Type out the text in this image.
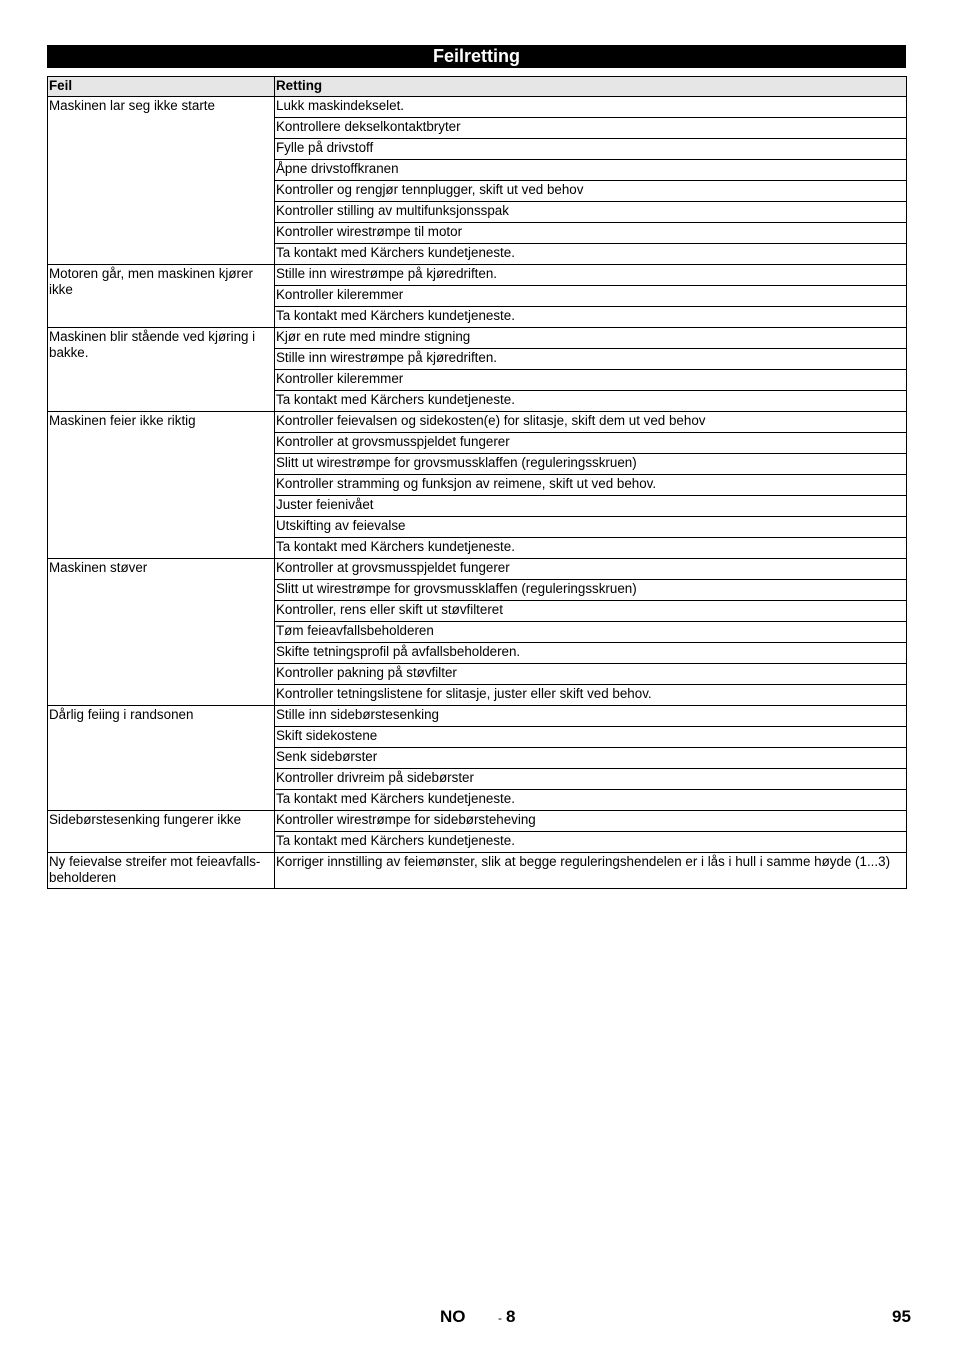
Feilretting
Feil	Retting
Maskinen lar seg ikke starte	Lukk maskindekselet.
	Kontrollere dekselkontaktbryter
	Fylle på drivstoff
	Åpne drivstoffkranen
	Kontroller og rengjør tennplugger, skift ut ved behov
	Kontroller stilling av multifunksjonsspak
	Kontroller wirestrømpe til motor
	Ta kontakt med Kärchers kundetjeneste.
Motoren går, men maskinen kjører ikke	Stille inn wirestrømpe på kjøredriften.
	Kontroller kileremmer
	Ta kontakt med Kärchers kundetjeneste.
Maskinen blir stående ved kjøring i bakke.	Kjør en rute med mindre stigning
	Stille inn wirestrømpe på kjøredriften.
	Kontroller kileremmer
	Ta kontakt med Kärchers kundetjeneste.
Maskinen feier ikke riktig	Kontroller feievalsen og sidekosten(e) for slitasje, skift dem ut ved behov
	Kontroller at grovsmusspjeldet fungerer
	Slitt ut wirestrømpe for grovsmussklaffen (reguleringsskruen)
	Kontroller stramming og funksjon av reimene, skift ut ved behov.
	Juster feienivået
	Utskifting av feievalse
	Ta kontakt med Kärchers kundetjeneste.
Maskinen støver	Kontroller at grovsmusspjeldet fungerer
	Slitt ut wirestrømpe for grovsmussklaffen (reguleringsskruen)
	Kontroller, rens eller skift ut støvfilteret
	Tøm feieavfallsbeholderen
	Skifte tetningsprofil på avfallsbeholderen.
	Kontroller pakning på støvfilter
	Kontroller tetningslistene for slitasje, juster eller skift ved behov.
Dårlig feiing i randsonen	Stille inn sidebørstesenking
	Skift sidekostene
	Senk sidebørster
	Kontroller drivreim på sidebørster
	Ta kontakt med Kärchers kundetjeneste.
Sidebørstesenking fungerer ikke	Kontroller wirestrømpe for sidebørsteheving
	Ta kontakt med Kärchers kundetjeneste.
Ny feievalse streifer mot feieavfalls-beholderen	Korriger innstilling av feiemønster, slik at begge reguleringshendelen er i lås i hull i samme høyde (1...3)
NO	- 8	95
